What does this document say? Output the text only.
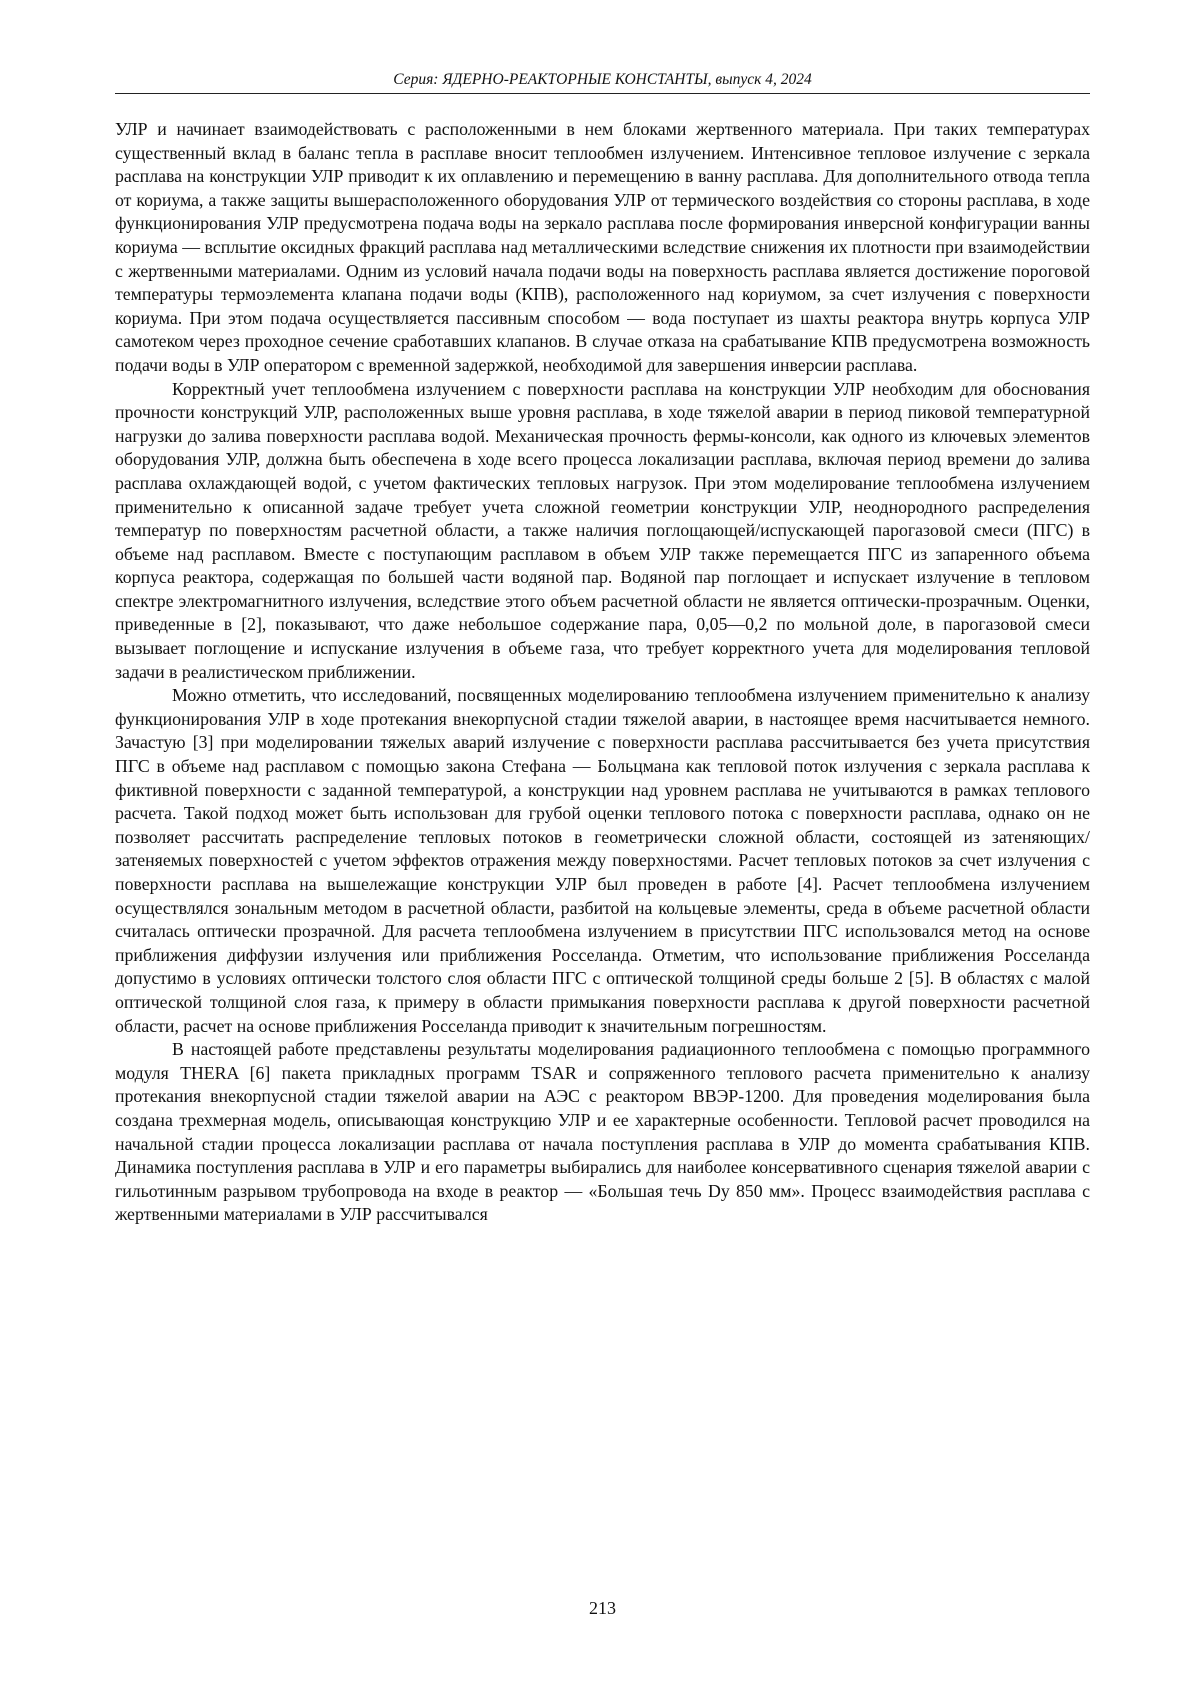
Серия: ЯДЕРНО-РЕАКТОРНЫЕ КОНСТАНТЫ, выпуск 4, 2024

УЛР и начинает взаимодействовать с расположенными в нем блоками жертвенного материала. При таких температурах существенный вклад в баланс тепла в расплаве вносит теплообмен излучением. Интенсивное тепловое излучение с зеркала расплава на конструкции УЛР приводит к их оплавлению и перемещению в ванну расплава. Для дополнительного отвода тепла от кориума, а также защиты вышерасположенного оборудования УЛР от термического воздействия со стороны расплава, в ходе функционирования УЛР предусмотрена подача воды на зеркало расплава после формирования инверсной конфигурации ванны кориума — всплытие оксидных фракций расплава над металлическими вследствие снижения их плотности при взаимодействии с жертвенными материалами. Одним из условий начала подачи воды на поверхность расплава является достижение пороговой температуры термоэлемента клапана подачи воды (КПВ), расположенного над кориумом, за счет излучения с поверхности кориума. При этом подача осуществляется пассивным способом — вода поступает из шахты реактора внутрь корпуса УЛР самотеком через проходное сечение сработавших клапанов. В случае отказа на срабатывание КПВ предусмотрена возможность подачи воды в УЛР оператором с временной задержкой, необходимой для завершения инверсии расплава.

Корректный учет теплообмена излучением с поверхности расплава на конструкции УЛР необходим для обоснования прочности конструкций УЛР, расположенных выше уровня расплава, в ходе тяжелой аварии в период пиковой температурной нагрузки до залива поверхности расплава водой. Механическая прочность фермы-консоли, как одного из ключевых элементов оборудования УЛР, должна быть обеспечена в ходе всего процесса локализации расплава, включая период времени до залива расплава охлаждающей водой, с учетом фактических тепловых нагрузок. При этом моделирование теплообмена излучением применительно к описанной задаче требует учета сложной геометрии конструкции УЛР, неоднородного распределения температур по поверхностям расчетной области, а также наличия поглощающей/испускающей парогазовой смеси (ПГС) в объеме над расплавом. Вместе с поступающим расплавом в объем УЛР также перемещается ПГС из запаренного объема корпуса реактора, содержащая по большей части водяной пар. Водяной пар поглощает и испускает излучение в тепловом спектре электромагнитного излучения, вследствие этого объем расчетной области не является оптически-прозрачным. Оценки, приведенные в [2], показывают, что даже небольшое содержание пара, 0,05—0,2 по мольной доле, в парогазовой смеси вызывает поглощение и испускание излучения в объеме газа, что требует корректного учета для моделирования тепловой задачи в реалистическом приближении.

Можно отметить, что исследований, посвященных моделированию теплообмена излучением применительно к анализу функционирования УЛР в ходе протекания внекорпусной стадии тяжелой аварии, в настоящее время насчитывается немного. Зачастую [3] при моделировании тяжелых аварий излучение с поверхности расплава рассчитывается без учета присутствия ПГС в объеме над расплавом с помощью закона Стефана — Больцмана как тепловой поток излучения с зеркала расплава к фиктивной поверхности с заданной температурой, а конструкции над уровнем расплава не учитываются в рамках теплового расчета. Такой подход может быть использован для грубой оценки теплового потока с поверхности расплава, однако он не позволяет рассчитать распределение тепловых потоков в геометрически сложной области, состоящей из затеняющих/затеняемых поверхностей с учетом эффектов отражения между поверхностями. Расчет тепловых потоков за счет излучения с поверхности расплава на вышележащие конструкции УЛР был проведен в работе [4]. Расчет теплообмена излучением осуществлялся зональным методом в расчетной области, разбитой на кольцевые элементы, среда в объеме расчетной области считалась оптически прозрачной. Для расчета теплообмена излучением в присутствии ПГС использовался метод на основе приближения диффузии излучения или приближения Росселанда. Отметим, что использование приближения Росселанда допустимо в условиях оптически толстого слоя области ПГС с оптической толщиной среды больше 2 [5]. В областях с малой оптической толщиной слоя газа, к примеру в области примыкания поверхности расплава к другой поверхности расчетной области, расчет на основе приближения Росселанда приводит к значительным погрешностям.

В настоящей работе представлены результаты моделирования радиационного теплообмена с помощью программного модуля THERA [6] пакета прикладных программ TSAR и сопряженного теплового расчета применительно к анализу протекания внекорпусной стадии тяжелой аварии на АЭС с реактором ВВЭР-1200. Для проведения моделирования была создана трехмерная модель, описывающая конструкцию УЛР и ее характерные особенности. Тепловой расчет проводился на начальной стадии процесса локализации расплава от начала поступления расплава в УЛР до момента срабатывания КПВ. Динамика поступления расплава в УЛР и его параметры выбирались для наиболее консервативного сценария тяжелой аварии с гильотинным разрывом трубопровода на входе в реактор — «Большая течь Dy 850 мм». Процесс взаимодействия расплава с жертвенными материалами в УЛР рассчитывался

213
